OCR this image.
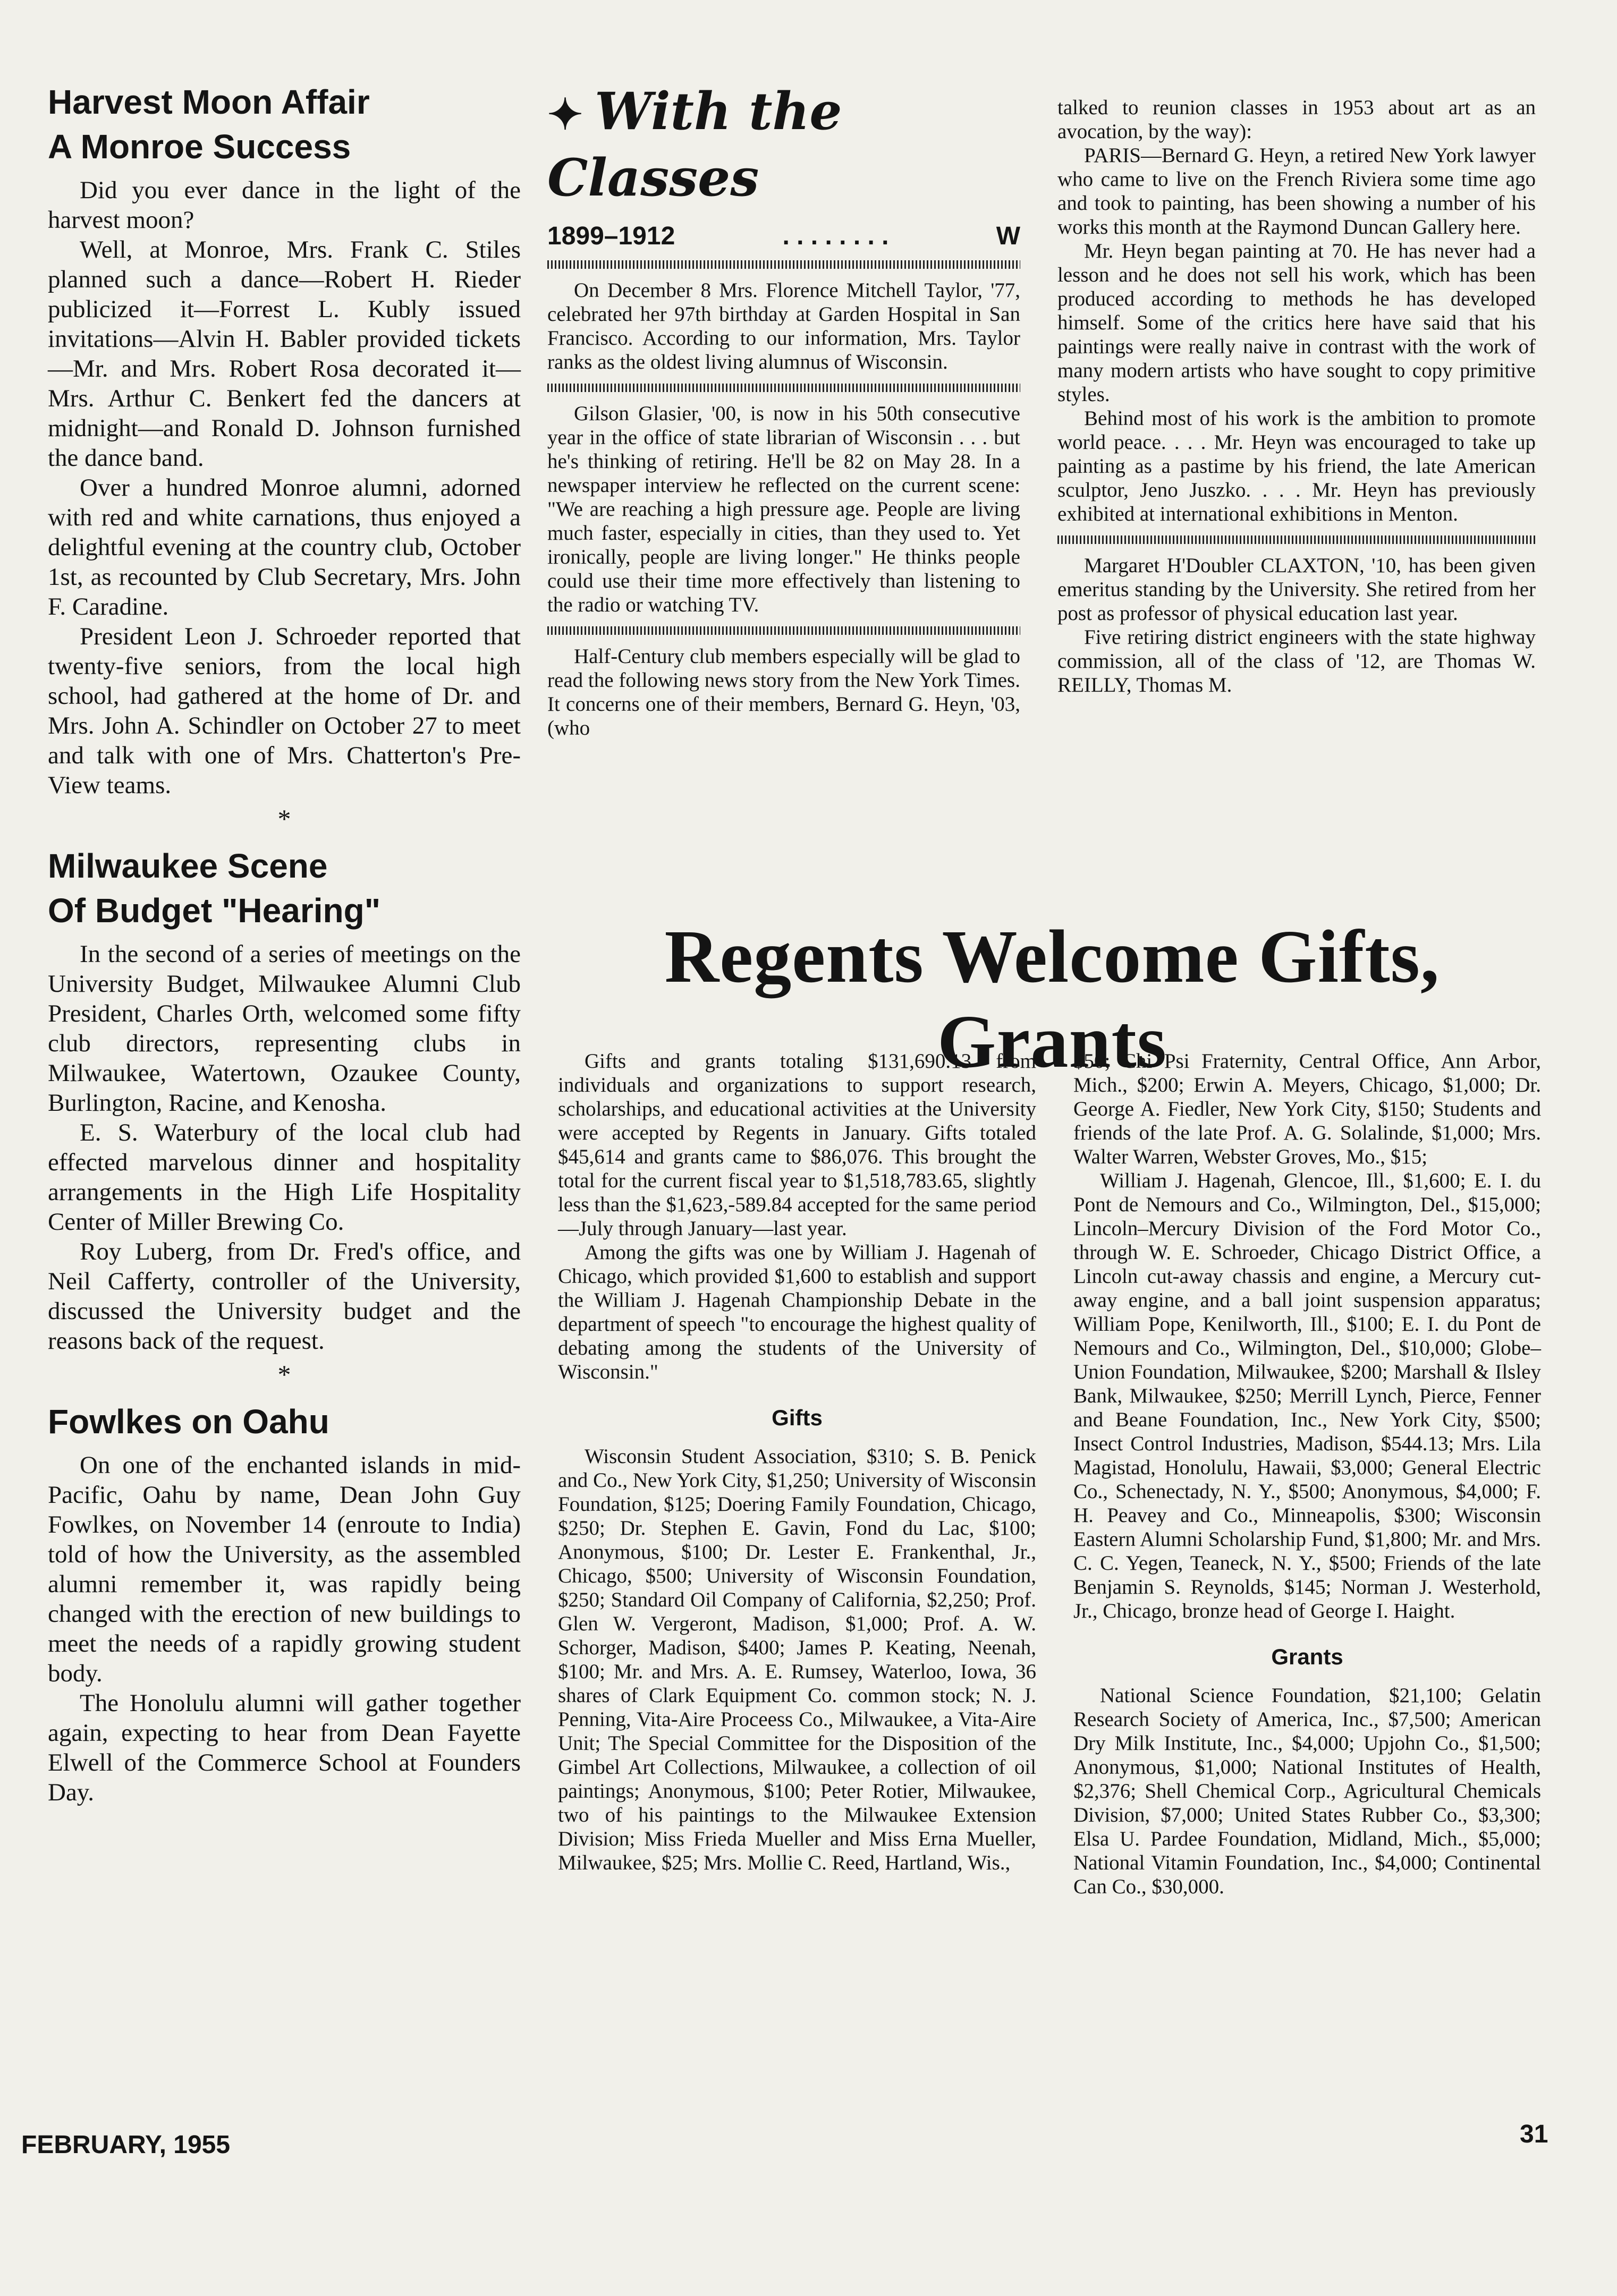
Harvest Moon Affair
A Monroe Success

Did you ever dance in the light of the harvest moon?

Well, at Monroe, Mrs. Frank C. Stiles planned such a dance—Robert H. Rieder publicized it—Forrest L. Kubly issued invitations—Alvin H. Babler provided tickets—Mr. and Mrs. Robert Rosa decorated it—Mrs. Arthur C. Benkert fed the dancers at midnight—and Ronald D. Johnson furnished the dance band.

Over a hundred Monroe alumni, adorned with red and white carnations, thus enjoyed a delightful evening at the country club, October 1st, as recounted by Club Secretary, Mrs. John F. Caradine.

President Leon J. Schroeder reported that twenty-five seniors, from the local high school, had gathered at the home of Dr. and Mrs. John A. Schindler on October 27 to meet and talk with one of Mrs. Chatterton's Pre-View teams.

*
Milwaukee Scene
Of Budget "Hearing"

In the second of a series of meetings on the University Budget, Milwaukee Alumni Club President, Charles Orth, welcomed some fifty club directors, representing clubs in Milwaukee, Watertown, Ozaukee County, Burlington, Racine, and Kenosha.

E. S. Waterbury of the local club had effected marvelous dinner and hospitality arrangements in the High Life Hospitality Center of Miller Brewing Co.

Roy Luberg, from Dr. Fred's office, and Neil Cafferty, controller of the University, discussed the University budget and the reasons back of the request.

*
Fowlkes on Oahu

On one of the enchanted islands in mid-Pacific, Oahu by name, Dean John Guy Fowlkes, on November 14 (enroute to India) told of how the University, as the assembled alumni remember it, was rapidly being changed with the erection of new buildings to meet the needs of a rapidly growing student body.

The Honolulu alumni will gather together again, expecting to hear from Dean Fayette Elwell of the Commerce School at Founders Day.

✦ With the Classes
1899–1912	. . . . . . . .	W

On December 8 Mrs. Florence Mitchell Taylor, '77, celebrated her 97th birthday at Garden Hospital in San Francisco. According to our information, Mrs. Taylor ranks as the oldest living alumnus of Wisconsin.

Gilson Glasier, '00, is now in his 50th consecutive year in the office of state librarian of Wisconsin . . . but he's thinking of retiring. He'll be 82 on May 28. In a newspaper interview he reflected on the current scene: "We are reaching a high pressure age. People are living much faster, especially in cities, than they used to. Yet ironically, people are living longer." He thinks people could use their time more effectively than listening to the radio or watching TV.

Half-Century club members especially will be glad to read the following news story from the New York Times. It concerns one of their members, Bernard G. Heyn, '03, (who

talked to reunion classes in 1953 about art as an avocation, by the way):

PARIS—Bernard G. Heyn, a retired New York lawyer who came to live on the French Riviera some time ago and took to painting, has been showing a number of his works this month at the Raymond Duncan Gallery here.

Mr. Heyn began painting at 70. He has never had a lesson and he does not sell his work, which has been produced according to methods he has developed himself. Some of the critics here have said that his paintings were really naive in contrast with the work of many modern artists who have sought to copy primitive styles.

Behind most of his work is the ambition to promote world peace. . . . Mr. Heyn was encouraged to take up painting as a pastime by his friend, the late American sculptor, Jeno Juszko. . . . Mr. Heyn has previously exhibited at international exhibitions in Menton.

Margaret H'Doubler CLAXTON, '10, has been given emeritus standing by the University. She retired from her post as professor of physical education last year.

Five retiring district engineers with the state highway commission, all of the class of '12, are Thomas W. REILLY, Thomas M.

Regents Welcome Gifts, Grants

Gifts and grants totaling $131,690.13 from individuals and organizations to support research, scholarships, and educational activities at the University were accepted by Regents in January. Gifts totaled $45,614 and grants came to $86,076. This brought the total for the current fiscal year to $1,518,783.65, slightly less than the $1,623,-589.84 accepted for the same period—July through January—last year.

Among the gifts was one by William J. Hagenah of Chicago, which provided $1,600 to establish and support the William J. Hagenah Championship Debate in the department of speech "to encourage the highest quality of debating among the students of the University of Wisconsin."

Gifts

Wisconsin Student Association, $310; S. B. Penick and Co., New York City, $1,250; University of Wisconsin Foundation, $125; Doering Family Foundation, Chicago, $250; Dr. Stephen E. Gavin, Fond du Lac, $100; Anonymous, $100; Dr. Lester E. Frankenthal, Jr., Chicago, $500; University of Wisconsin Foundation, $250; Standard Oil Company of California, $2,250; Prof. Glen W. Vergeront, Madison, $1,000; Prof. A. W. Schorger, Madison, $400; James P. Keating, Neenah, $100; Mr. and Mrs. A. E. Rumsey, Waterloo, Iowa, 36 shares of Clark Equipment Co. common stock; N. J. Penning, Vita-Aire Proceess Co., Milwaukee, a Vita-Aire Unit; The Special Committee for the Disposition of the Gimbel Art Collections, Milwaukee, a collection of oil paintings; Anonymous, $100; Peter Rotier, Milwaukee, two of his paintings to the Milwaukee Extension Division; Miss Frieda Mueller and Miss Erna Mueller, Milwaukee, $25; Mrs. Mollie C. Reed, Hartland, Wis.,

$50; Chi Psi Fraternity, Central Office, Ann Arbor, Mich., $200; Erwin A. Meyers, Chicago, $1,000; Dr. George A. Fiedler, New York City, $150; Students and friends of the late Prof. A. G. Solalinde, $1,000; Mrs. Walter Warren, Webster Groves, Mo., $15;

William J. Hagenah, Glencoe, Ill., $1,600; E. I. du Pont de Nemours and Co., Wilmington, Del., $15,000; Lincoln–Mercury Division of the Ford Motor Co., through W. E. Schroeder, Chicago District Office, a Lincoln cut-away chassis and engine, a Mercury cut-away engine, and a ball joint suspension apparatus; William Pope, Kenilworth, Ill., $100; E. I. du Pont de Nemours and Co., Wilmington, Del., $10,000; Globe–Union Foundation, Milwaukee, $200; Marshall & Ilsley Bank, Milwaukee, $250; Merrill Lynch, Pierce, Fenner and Beane Foundation, Inc., New York City, $500; Insect Control Industries, Madison, $544.13; Mrs. Lila Magistad, Honolulu, Hawaii, $3,000; General Electric Co., Schenectady, N. Y., $500; Anonymous, $4,000; F. H. Peavey and Co., Minneapolis, $300; Wisconsin Eastern Alumni Scholarship Fund, $1,800; Mr. and Mrs. C. C. Yegen, Teaneck, N. Y., $500; Friends of the late Benjamin S. Reynolds, $145; Norman J. Westerhold, Jr., Chicago, bronze head of George I. Haight.

Grants

National Science Foundation, $21,100; Gelatin Research Society of America, Inc., $7,500; American Dry Milk Institute, Inc., $4,000; Upjohn Co., $1,500; Anonymous, $1,000; National Institutes of Health, $2,376; Shell Chemical Corp., Agricultural Chemicals Division, $7,000; United States Rubber Co., $3,300; Elsa U. Pardee Foundation, Midland, Mich., $5,000; National Vitamin Foundation, Inc., $4,000; Continental Can Co., $30,000.

FEBRUARY, 1955	31
